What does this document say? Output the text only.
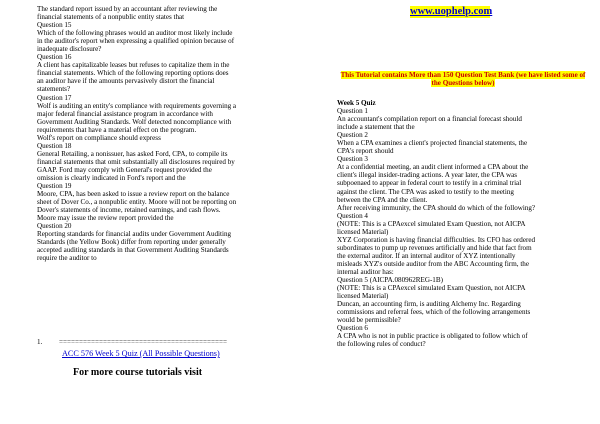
The standard report issued by an accountant after reviewing the
financial statements of a nonpublic entity states that
Question 15
Which of the following phrases would an auditor most likely include
in the auditor's report when expressing a qualified opinion because of
inadequate disclosure?
Question 16
A client has capitalizable leases but refuses to capitalize them in the
financial statements. Which of the following reporting options does
an auditor have if the amounts pervasively distort the financial
statements?
Question 17
Wolf is auditing an entity's compliance with requirements governing a
major federal financial assistance program in accordance with
Government Auditing Standards. Wolf detected noncompliance with
requirements that have a material effect on the program.
Wolf's report on compliance should express
Question 18
General Retailing, a nonissuer, has asked Ford, CPA, to compile its
financial statements that omit substantially all disclosures required by
GAAP. Ford may comply with General's request provided the
omission is clearly indicated in Ford's report and the
Question 19
Moore, CPA, has been asked to issue a review report on the balance
sheet of Dover Co., a nonpublic entity. Moore will not be reporting on
Dover's statements of income, retained earnings, and cash flows.
Moore may issue the review report provided the
Question 20
Reporting standards for financial audits under Government Auditing
Standards (the Yellow Book) differ from reporting under generally
accepted auditing standards in that Government Auditing Standards
require the auditor to
1. ==========================================
ACC 576 Week 5 Quiz (All Possible Questions)
For more course tutorials visit
www.uophelp.com
This Tutorial contains More than 150 Question Test Bank (we have listed some of the Questions below)
Week 5 Quiz
Question 1
An accountant's compilation report on a financial forecast should
include a statement that the
Question 2
When a CPA examines a client's projected financial statements, the
CPA's report should
Question 3
At a confidential meeting, an audit client informed a CPA about the
client's illegal insider-trading actions. A year later, the CPA was
subpoenaed to appear in federal court to testify in a criminal trial
against the client. The CPA was asked to testify to the meeting
between the CPA and the client.
After receiving immunity, the CPA should do which of the following?
Question 4
(NOTE: This is a CPAexcel simulated Exam Question, not AICPA
licensed Material)
XYZ Corporation is having financial difficulties. Its CFO has ordered
subordinates to pump up revenues artificially and hide that fact from
the external auditor. If an internal auditor of XYZ intentionally
misleads XYZ's outside auditor from the ABC Accounting firm, the
internal auditor has:
Question 5 (AICPA.080962REG-1B)
(NOTE: This is a CPAexcel simulated Exam Question, not AICPA
licensed Material)
Duncan, an accounting firm, is auditing Alchemy Inc. Regarding
commissions and referral fees, which of the following arrangements
would be permissible?
Question 6
A CPA who is not in public practice is obligated to follow which of
the following rules of conduct?
